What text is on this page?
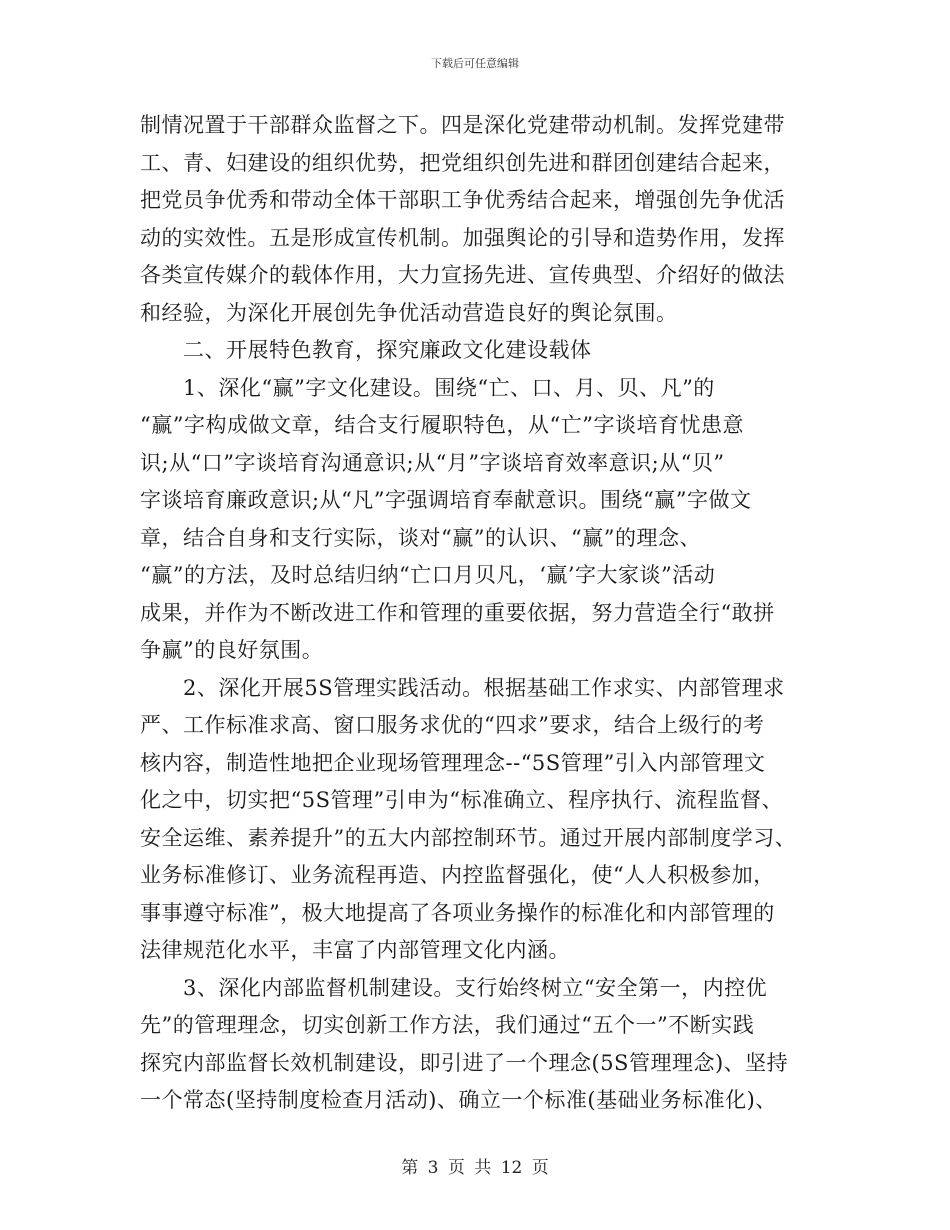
下载后可任意编辑
制情况置于干部群众监督之下。四是深化党建带动机制。发挥党建带
工、青、妇建设的组织优势，把党组织创先进和群团创建结合起来，
把党员争优秀和带动全体干部职工争优秀结合起来，增强创先争优活
动的实效性。五是形成宣传机制。加强舆论的引导和造势作用，发挥
各类宣传媒介的载体作用，大力宣扬先进、宣传典型、介绍好的做法
和经验，为深化开展创先争优活动营造良好的舆论氛围。
　　二、开展特色教育，探究廉政文化建设载体
　　1、深化“赢”字文化建设。围绕“亡、口、月、贝、凡”的
“赢”字构成做文章，结合支行履职特色，从“亡”字谈培育忧患意
识;从“口”字谈培育沟通意识;从“月”字谈培育效率意识;从“贝”
字谈培育廉政意识;从“凡”字强调培育奉献意识。围绕“赢”字做文
章，结合自身和支行实际，谈对“赢”的认识、“赢”的理念、
“赢”的方法，及时总结归纳“亡口月贝凡，‘赢’字大家谈”活动
成果，并作为不断改进工作和管理的重要依据，努力营造全行“敢拼
争赢”的良好氛围。
　　2、深化开展5S管理实践活动。根据基础工作求实、内部管理求
严、工作标准求高、窗口服务求优的“四求”要求，结合上级行的考
核内容，制造性地把企业现场管理理念--“5S管理”引入内部管理文
化之中，切实把“5S管理”引申为“标准确立、程序执行、流程监督、
安全运维、素养提升”的五大内部控制环节。通过开展内部制度学习、
业务标准修订、业务流程再造、内控监督强化，使“人人积极参加，
事事遵守标准”，极大地提高了各项业务操作的标准化和内部管理的
法律规范化水平，丰富了内部管理文化内涵。
　　3、深化内部监督机制建设。支行始终树立“安全第一，内控优
先”的管理理念，切实创新工作方法，我们通过“五个一”不断实践
探究内部监督长效机制建设，即引进了一个理念(5S管理理念)、坚持
一个常态(坚持制度检查月活动)、确立一个标准(基础业务标准化)、
第 3 页 共 12 页
